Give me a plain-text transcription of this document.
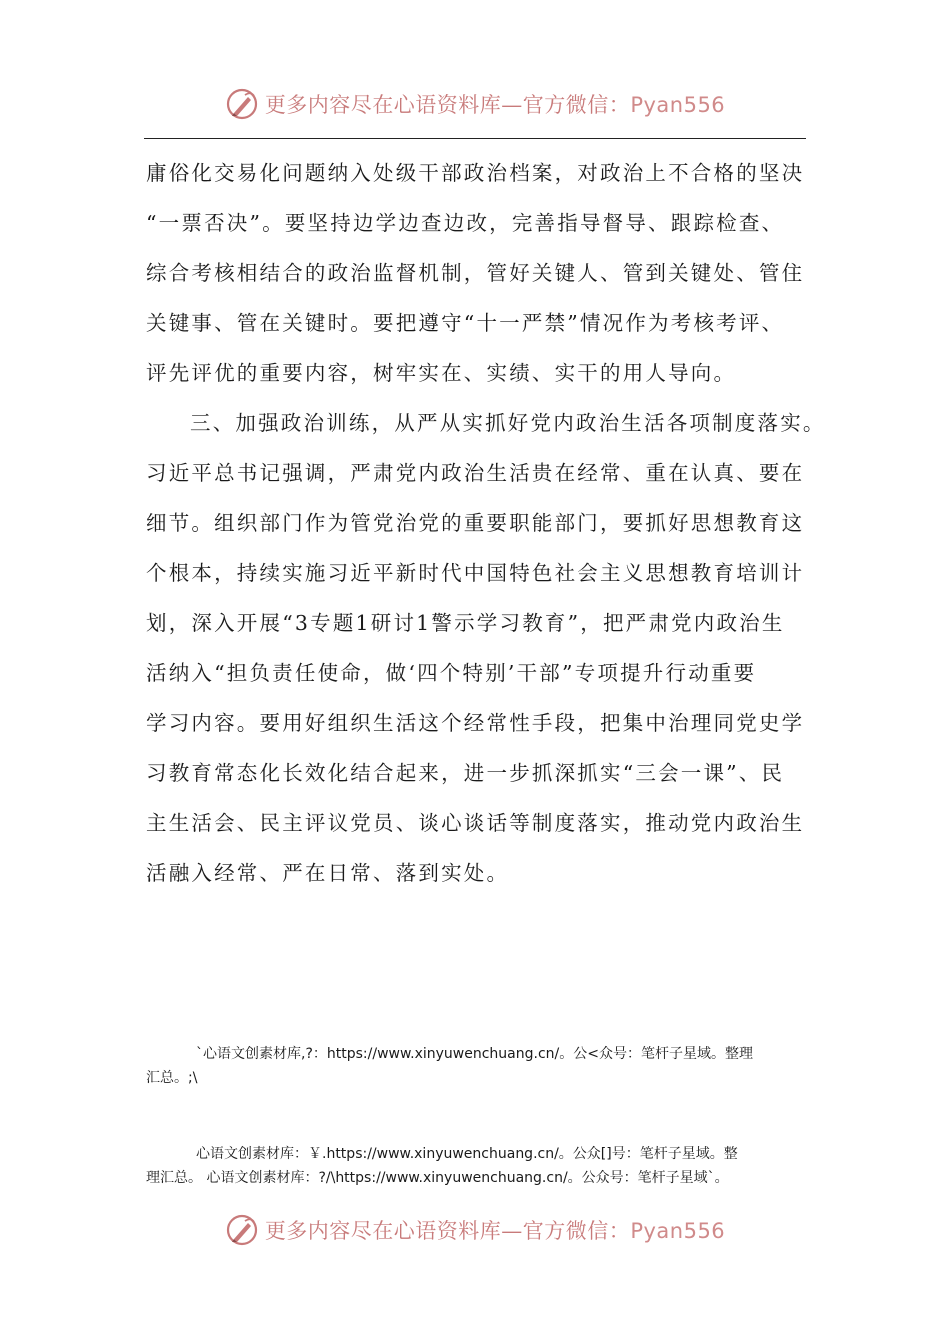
更多内容尽在心语资料库—官方微信：Pyan556
庸俗化交易化问题纳入处级干部政治档案，对政治上不合格的坚决
“一票否决”。要坚持边学边查边改，完善指导督导、跟踪检查、
综合考核相结合的政治监督机制，管好关键人、管到关键处、管住
关键事、管在关键时。要把遵守“十一严禁”情况作为考核考评、
评先评优的重要内容，树牢实在、实绩、实干的用人导向。
三、加强政治训练，从严从实抓好党内政治生活各项制度落实。
习近平总书记强调，严肃党内政治生活贵在经常、重在认真、要在
细节。组织部门作为管党治党的重要职能部门，要抓好思想教育这
个根本，持续实施习近平新时代中国特色社会主义思想教育培训计
划，深入开展“3专题1研讨1警示学习教育”，把严肃党内政治生
活纳入“担负责任使命，做‘四个特别’干部”专项提升行动重要
学习内容。要用好组织生活这个经常性手段，把集中治理同党史学
习教育常态化长效化结合起来，进一步抓深抓实“三会一课”、民
主生活会、民主评议党员、谈心谈话等制度落实，推动党内政治生
活融入经常、严在日常、落到实处。
`心语文创素材库,?：https://www.xinyuwenchuang.cn/。公<众号：笔杆子星域。整理
汇总。;\
心语文创素材库：￥.https://www.xinyuwenchuang.cn/。公众[]号：笔杆子星域。整
理汇总。 心语文创素材库：?/\https://www.xinyuwenchuang.cn/。公众号：笔杆子星域`。
更多内容尽在心语资料库—官方微信：Pyan556
